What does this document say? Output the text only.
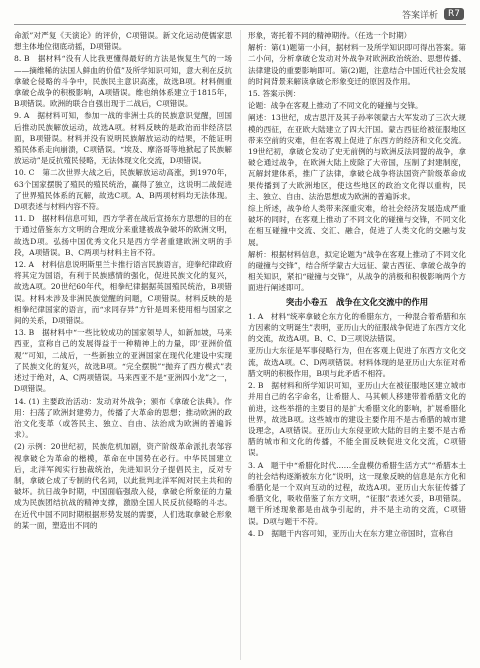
答案详析	R7

命派”对严复《天演论》的评价，C项错误。新文化运动使儒家思想主体地位彻底动摇，D项错误。

8. B　据材料“没有人比我更懂得最好的方法是恢复生气的一场——摘维稀的法国人鲜血的价值”及所学知识可知，意大利在反抗拿破仑侵略的斗争中，民族民主意识高涨，故选B项。材料侧重拿破仑战争的积极影响，A项错误。维也纳体系建立于1815年，B项错误。欧洲的联合自强出现于二战后，C项错误。

9. A　据材料可知，参加一战的非洲士兵的民族意识觉醒，回国后推动民族解放运动，故选A项。材料反映的是政治而非经济层面，B项错误。材料并没有说明民族解放运动的结果，不能证明殖民体系走向崩溃，C项错误。“埃及、摩洛哥等地掀起了民族解放运动”是反抗殖民侵略，无法体现文化交流，D项错误。

10. C　第二次世界大战之后，民族解放运动高涨，到1970年，63个国家摆脱了殖民的殖民统治，赢得了独立，这说明二战促进了世界殖民体系的瓦解，故选C项。A、B两项材料均无法体现。D项表述与材料内容不符。

11. D　据材料信息可知，西方学者在战后宣扬东方思想的目的在于通过借鉴东方文明的合理成分来重建被战争破坏的欧洲文明，故选D项。弘扬中国优秀文化只是西方学者重建欧洲文明的手段，A项错误。B、C两项与材料主旨不符。

12. A　材料信息说明斯里兰卡推行语言民族语言，迎拳纪律政府将其定为国语，有利于民族感情的强化，促进民族文化的复兴，故选A项。20世纪60年代，相拳纪律据据英国殖民统治，B项错误。材料未涉及非洲民族觉醒的问题，C项错误。材料反映的是相拳纪律国家的语言，而“求同存异”方针是周来使用相与国家之间的关系，D项错误。

13. B　据材料中“一些比较成功的国家领导人，如新加坡，马来西亚，宣称自己的发展得益于一种精神上的力量，即‘亚洲价值观’”可知，二战后，一些新独立的亚洲国家在现代化建设中实现了民族文化的复兴，故选B项。“完全摆脱”“抛弃了西方模式”表述过于绝对，A、C两项错误。马来西亚不是“亚洲四小龙”之一，D项错误。

14. (1) 主要政治活动：发动对外战争；颁布《拿破仑法典》。作用：扫荡了欧洲封建势力，传播了大革命的思想；推动欧洲的政治文化变革（或答民主、独立、自由、法治成为欧洲的普遍诉求）。

(2) 示例：20世纪初，民族危机加剧，资产阶级革命派扎表邹容视拿破仑为革命的楷模，革命在中国势在必行。中华民国建立后，北洋军阀实行独裁统治，先进知识分子提倡民主，反对专制，拿破仑成了专制的代名词，以此批判北洋军阀对民主共和的破坏。抗日战争时期，中国面临强敌入侵，拿破仑所象征的力量成为民族团结抗战的精神支撑，激励全国人民反抗侵略的斗志。在近代中国不同时期根据形势发展的需要，人们选取拿破仑形象的某一面，塑造出不同的

形象，寄托着不同的精神期待。（任选一个时期）

解析：第(1)题第一小问，据材料一及所学知识即可得出答案。第二小问，分析拿破仑发动对外战争对欧洲政治统治、思想传播、法律建设的重要影响即可。第(2)题，注意结合中国近代社会发展的时间背景来解读拿破仑形象变迁的原因及作用。

15. 答案示例：

论题：战争在客观上推动了不同文化的碰撞与交锋。

阐述：13世纪，成吉思汗及其子孙率领蒙古大军发动了三次大规模的西征，在亚欧大陆建立了四大汗国。蒙古西征给被征服地区带来空前的灾难，但在客观上促进了东西方的经济和文化交流。19世纪初，拿破仑发动了史无前例的与欧洲反法同盟的战争，拿破仑通过战争，在欧洲大陆上废除了大帝国，压制了封建制度，瓦解封建体系，推广了法律，拿破仑战争将法国资产阶级革命成果传播到了大欧洲地区，使这些地区的政治文化得以重构，民主、独立、自由、法治思想成为欧洲的普遍诉求。

综上所述，战争给人类带来深重灾难，给社会经济发展造成严重破坏的同时，在客观上推动了不同文化的碰撞与交锋，不同文化在相互碰撞中交流、交汇、融合，促进了人类文化的交融与发展。

解析：根据材料信息，拟定论题为“战争在客观上推动了不同文化的碰撞与交锋”，结合所学蒙古大远征、蒙古西征、拿破仑战争的相关知识，紧扣“碰撞与交锋”，从战争的消极和积极影响两个方面进行阐述即可。

突击小卷五　战争在文化交流中的作用

1. A　材料“统率拿破仑东方化的希腊东方，一种混合着希腊和东方因素的文明诞生”表明，亚历山大的征服战争促进了东西方文化的交流，故选A项。B、C、D三项说法错误。

亚历山大东征是军事侵略行为，但在客观上促进了东西方文化交流，故选A项。C、D两项错误。材料体现的是亚历山大东征对希腊文明的积极作用，B项与此矛盾不相符。

2. B　据材料和所学知识可知，亚历山大在被征服地区建立城市并用自己的名字命名，让希腊人、马其顿人移建带着希腊文化的前进，这些举措的主要目的是扩大希腊文化的影响，扩展希腊化世界，故选B项。这些城市的建设主要作用不是古希腊的城市建设理念，A项错误。亚历山大东侵亚欧大陆的目的主要不是古希腊的城市和文化的传播，不能全面反映促进文化交流，C项错误。

3. A　题干中“希腊化时代……全盘模仿希腊生活方式”“希腊本土的社会结构逐渐被东方化”说明，这一现象反映的信息是东方化和希腊化是一个双向互动的过程，故选A项。亚历山大东征传播了希腊文化，吸收借鉴了东方文明，“征服”表述欠妥，B项错误。题干所述现象都是由战争引起的，并不是主动的交流，C项错误。D项与题干不符。

4. D　据题干内容可知，亚历山大在东方建立帝国时，宣称自
